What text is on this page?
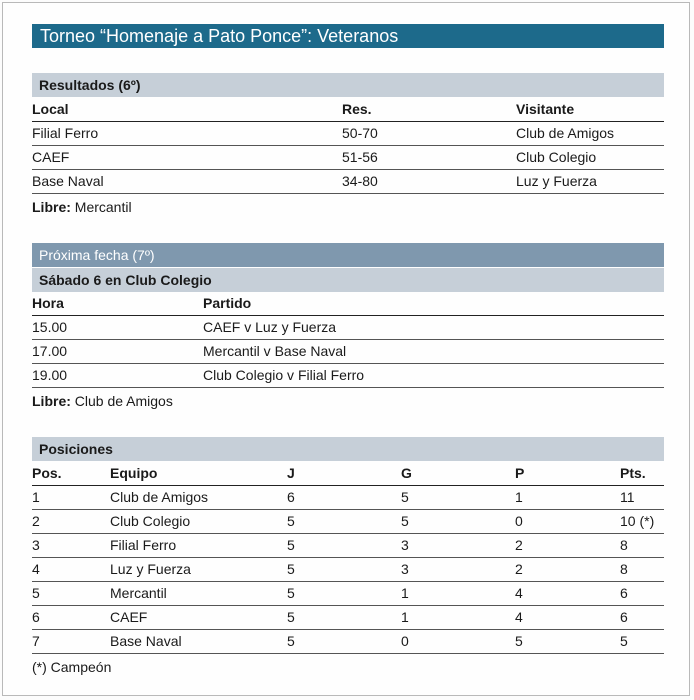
Torneo “Homenaje a Pato Ponce”: Veteranos
Resultados (6º)
Local	Res.	Visitante
Filial Ferro	50-70	Club de Amigos
CAEF	51-56	Club Colegio
Base Naval	34-80	Luz y Fuerza
Libre: Mercantil
Próxima fecha (7º)
Sábado 6 en Club Colegio
Hora	Partido
15.00	CAEF v Luz y Fuerza
17.00	Mercantil v Base Naval
19.00	Club Colegio v Filial Ferro
Libre: Club de Amigos
Posiciones
Pos.	Equipo	J	G	P	Pts.
1	Club de Amigos	6	5	1	11
2	Club Colegio	5	5	0	10 (*)
3	Filial Ferro	5	3	2	8
4	Luz y Fuerza	5	3	2	8
5	Mercantil	5	1	4	6
6	CAEF	5	1	4	6
7	Base Naval	5	0	5	5
(*) Campeón
